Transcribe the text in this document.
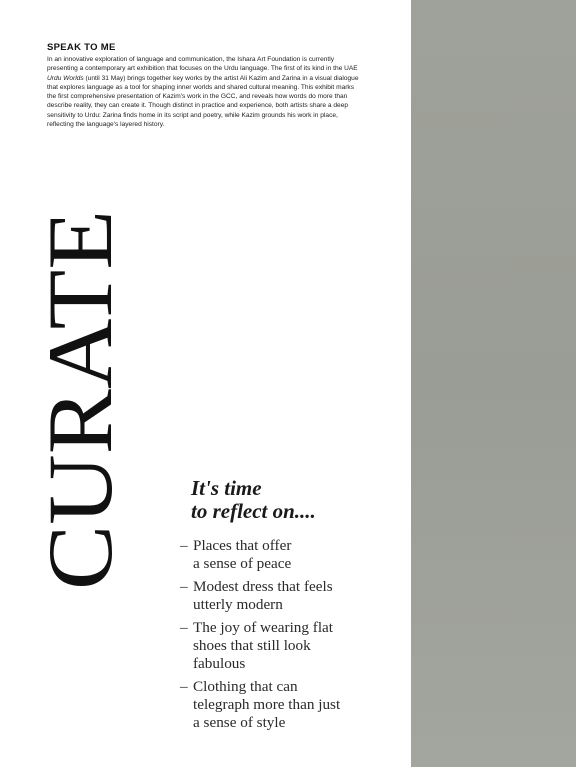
SPEAK TO ME

In an innovative exploration of language and communication, the Ishara Art Foundation is currently presenting a contemporary art exhibition that focuses on the Urdu language. The first of its kind in the UAE Urdu Worlds (until 31 May) brings together key works by the artist Ali Kazim and Zarina in a visual dialogue that explores language as a tool for shaping inner worlds and shared cultural meaning. This exhibit marks the first comprehensive presentation of Kazim's work in the GCC, and reveals how words do more than describe reality, they can create it. Though distinct in practice and experience, both artists share a deep sensitivity to Urdu: Zarina finds home in its script and poetry, while Kazim grounds his work in place, reflecting the language's layered history.

CURATE	It's time
to reflect on....
– Places that offer
a sense of peace
– Modest dress that feels
utterly modern
– The joy of wearing flat
shoes that still look
fabulous
– Clothing that can
telegraph more than just
a sense of style
